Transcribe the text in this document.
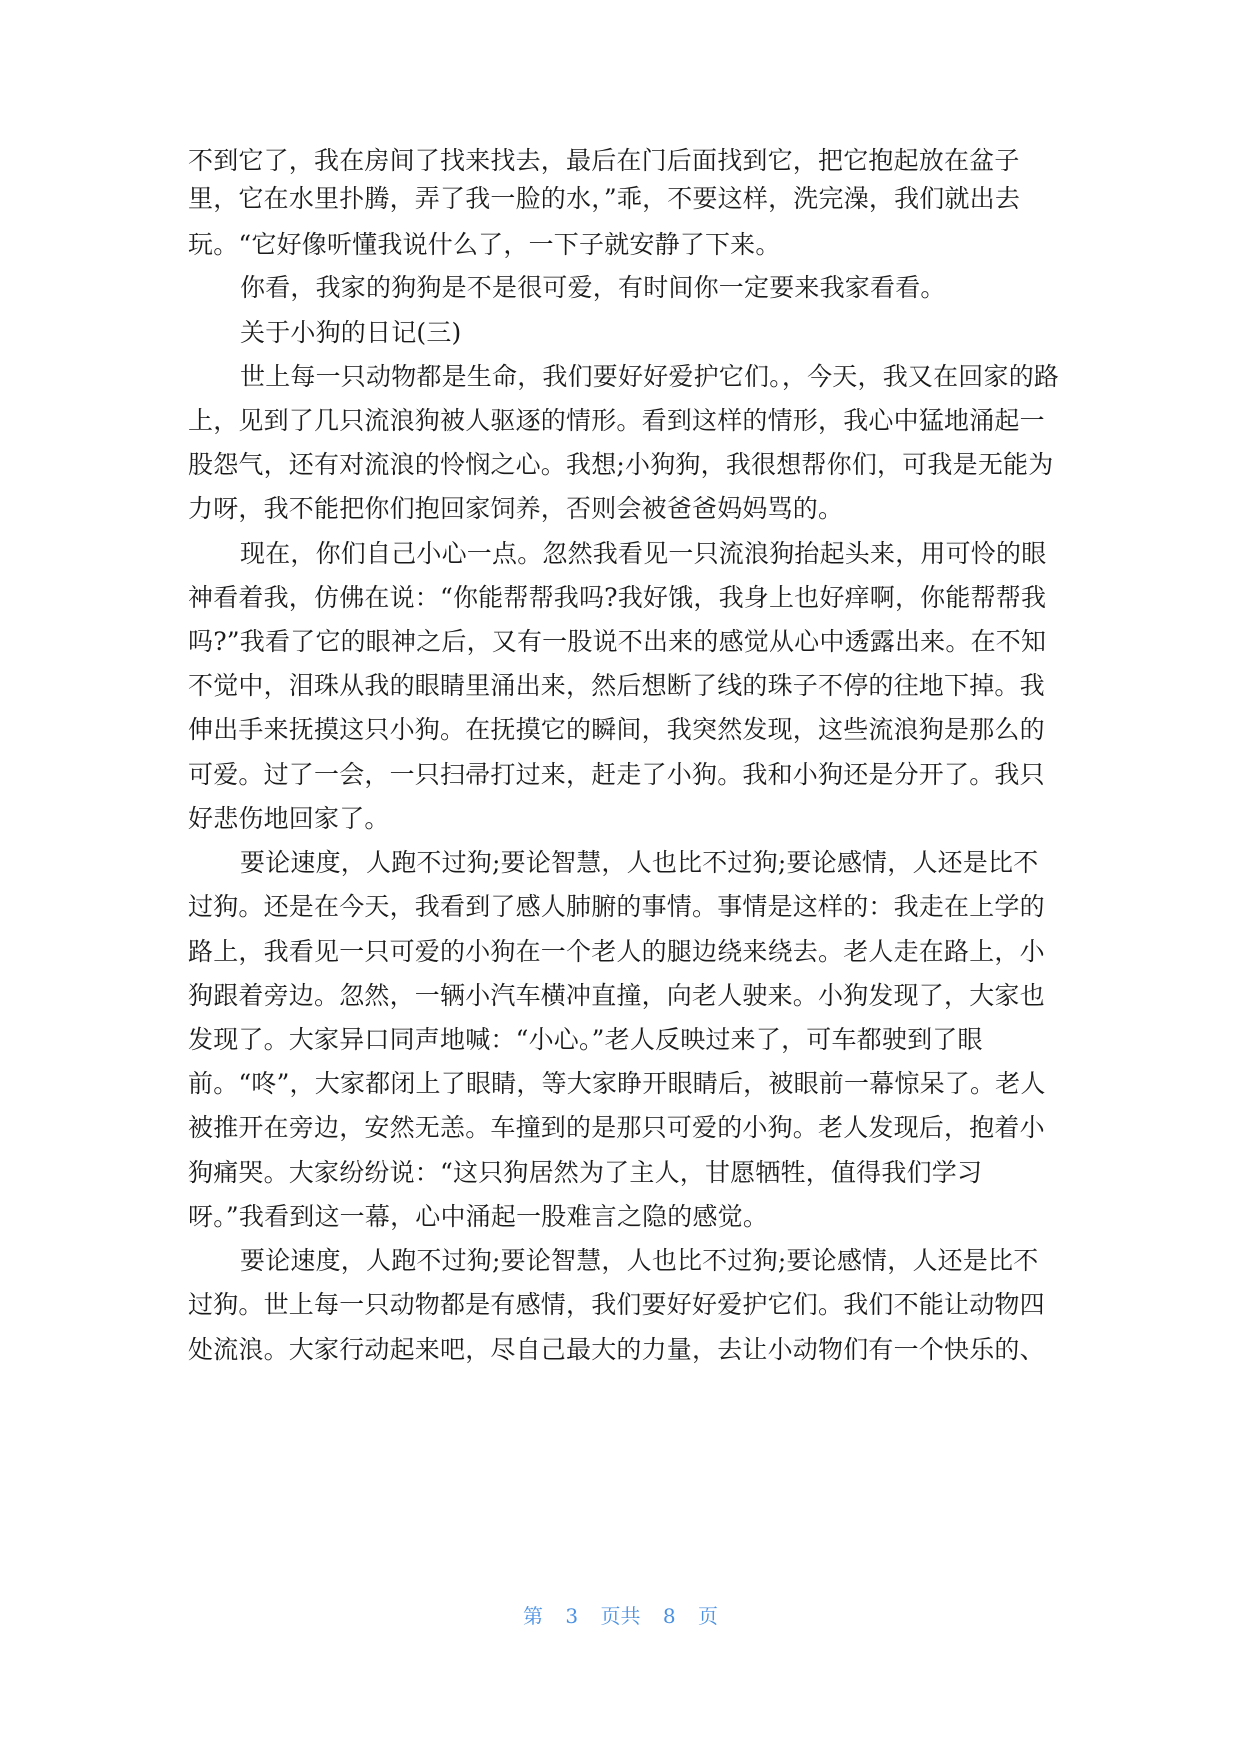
不到它了，我在房间了找来找去，最后在门后面找到它，把它抱起放在盆子
里，它在水里扑腾，弄了我一脸的水，”乖，不要这样，洗完澡，我们就出去
玩。“它好像听懂我说什么了，一下子就安静了下来。
你看，我家的狗狗是不是很可爱，有时间你一定要来我家看看。
关于小狗的日记(三)
世上每一只动物都是生命，我们要好好爱护它们。，今天，我又在回家的路
上，见到了几只流浪狗被人驱逐的情形。看到这样的情形，我心中猛地涌起一
股怨气，还有对流浪的怜悯之心。我想;小狗狗，我很想帮你们，可我是无能为
力呀，我不能把你们抱回家饲养，否则会被爸爸妈妈骂的。
现在，你们自己小心一点。忽然我看见一只流浪狗抬起头来，用可怜的眼
神看着我，仿佛在说：“你能帮帮我吗?我好饿，我身上也好痒啊，你能帮帮我
吗?”我看了它的眼神之后，又有一股说不出来的感觉从心中透露出来。在不知
不觉中，泪珠从我的眼睛里涌出来，然后想断了线的珠子不停的往地下掉。我
伸出手来抚摸这只小狗。在抚摸它的瞬间，我突然发现，这些流浪狗是那么的
可爱。过了一会，一只扫帚打过来，赶走了小狗。我和小狗还是分开了。我只
好悲伤地回家了。
要论速度，人跑不过狗;要论智慧，人也比不过狗;要论感情，人还是比不
过狗。还是在今天，我看到了感人肺腑的事情。事情是这样的：我走在上学的
路上，我看见一只可爱的小狗在一个老人的腿边绕来绕去。老人走在路上，小
狗跟着旁边。忽然，一辆小汽车横冲直撞，向老人驶来。小狗发现了，大家也
发现了。大家异口同声地喊：“小心。”老人反映过来了，可车都驶到了眼
前。“咚”，大家都闭上了眼睛，等大家睁开眼睛后，被眼前一幕惊呆了。老人
被推开在旁边，安然无恙。车撞到的是那只可爱的小狗。老人发现后，抱着小
狗痛哭。大家纷纷说：“这只狗居然为了主人，甘愿牺牲，值得我们学习
呀。”我看到这一幕，心中涌起一股难言之隐的感觉。
要论速度，人跑不过狗;要论智慧，人也比不过狗;要论感情，人还是比不
过狗。世上每一只动物都是有感情，我们要好好爱护它们。我们不能让动物四
处流浪。大家行动起来吧，尽自己最大的力量，去让小动物们有一个快乐的、
第 3 页共 8 页
